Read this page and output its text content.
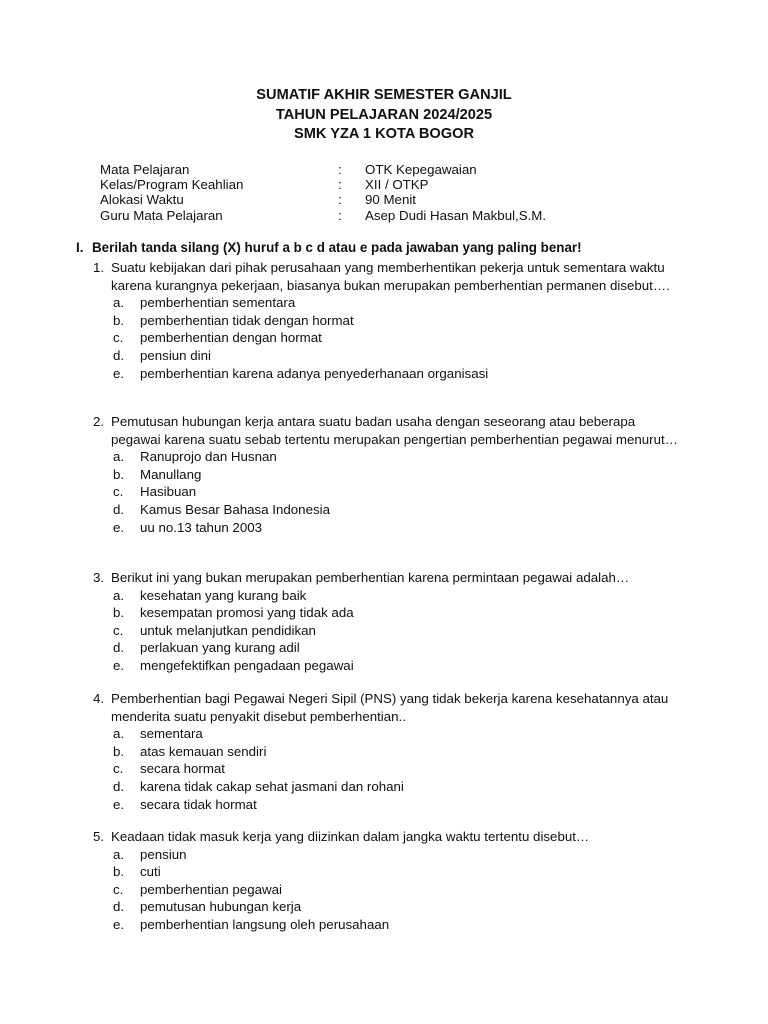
SUMATIF AKHIR SEMESTER GANJIL
TAHUN PELAJARAN 2024/2025
SMK YZA 1 KOTA BOGOR
Mata Pelajaran	:	OTK Kepegawaian
Kelas/Program Keahlian	:	XII / OTKP
Alokasi Waktu	:	90 Menit
Guru Mata Pelajaran	:	Asep Dudi Hasan Makbul,S.M.
I. Berilah tanda silang (X) huruf a b c d atau e pada jawaban yang paling benar!
1. Suatu kebijakan dari pihak perusahaan yang memberhentikan pekerja untuk sementara waktu karena kurangnya pekerjaan, biasanya bukan merupakan pemberhentian permanen disebut….
a.	pemberhentian sementara
b.	pemberhentian tidak dengan hormat
c.	pemberhentian dengan hormat
d.	pensiun dini
e.	pemberhentian karena adanya penyederhanaan organisasi
2. Pemutusan hubungan kerja antara suatu badan usaha dengan seseorang atau beberapa pegawai karena suatu sebab tertentu merupakan pengertian pemberhentian pegawai menurut…
a.	Ranuprojo dan Husnan
b.	Manullang
c.	Hasibuan
d.	Kamus Besar Bahasa Indonesia
e.	uu no.13 tahun 2003
3. Berikut ini yang bukan merupakan pemberhentian karena permintaan pegawai adalah…
a.	kesehatan yang kurang baik
b.	kesempatan promosi yang tidak ada
c.	untuk melanjutkan pendidikan
d.	perlakuan yang kurang adil
e.	mengefektifkan pengadaan pegawai
4. Pemberhentian bagi Pegawai Negeri Sipil (PNS) yang tidak bekerja karena kesehatannya atau menderita suatu penyakit disebut pemberhentian..
a.	sementara
b.	atas kemauan sendiri
c.	secara hormat
d.	karena tidak cakap sehat jasmani dan rohani
e.	secara tidak hormat
5. Keadaan tidak masuk kerja yang diizinkan dalam jangka waktu tertentu disebut…
a.	pensiun
b.	cuti
c.	pemberhentian pegawai
d.	pemutusan hubungan kerja
e.	pemberhentian langsung oleh perusahaan
